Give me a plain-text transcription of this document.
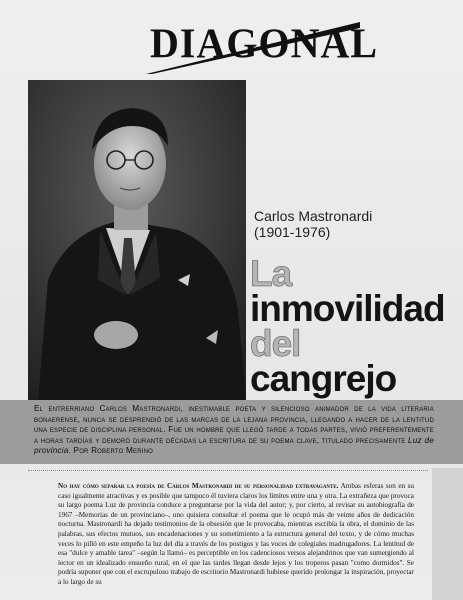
DIAGONAL
Carlos Mastronardi
(1901-1976)
La
inmovilidad
del
cangrejo
El entrerriano Carlos Mastronardi, inestimable poeta y silencioso animador de la vida literaria bonaerense, nunca se desprendió de las marcas de la lejana provincia, llegando a hacer de la lentitud una especie de disciplina personal. Fue un hombre que llegó tarde a todas partes, vivió preferentemente a horas tardías y demoró durante décadas la escritura de su poema clave, titulado precisamente Luz de provincia. Por Roberto Merino
No hay cómo separar la poesía de Carlos Mastronardi de su personalidad extravagante. Ambas esferas son en su caso igualmente atractivas y es posible que tampoco él tuviera claros los límites entre una y otra. La extrañeza que provoca su largo poema Luz de provincia conduce a preguntarse por la vida del autor; y, por cierto, al revisar su autobiografía de 1967 –Memorias de un provinciano–, uno quisiera consultar el poema que le ocupó más de veinte años de dedicación nocturna. Mastronardi ha dejado testimonios de la obsesión que le provocaba, mientras escribía la obra, el dominio de las palabras, sus efectos mutuos, sus encadenaciones y su sometimiento a la estructura general del texto, y de cómo muchas veces lo pilló en este empeño la luz del día a través de los postigos y las voces de colegiales madrugadores. La lentitud de esa "dulce y amable tarea" –según la llamó– es perceptible en los cadenciosos versos alejandrinos que van sumergiendo al lector en un idealizado ensueño rural, en el que las tardes llegan desde lejos y los troperos pasan "como dormidos". Se podría suponer que con el escrupuloso trabajo de escritorio Mastronardi hubiese querido prolongar la inspiración, proyectar a lo largo de su
